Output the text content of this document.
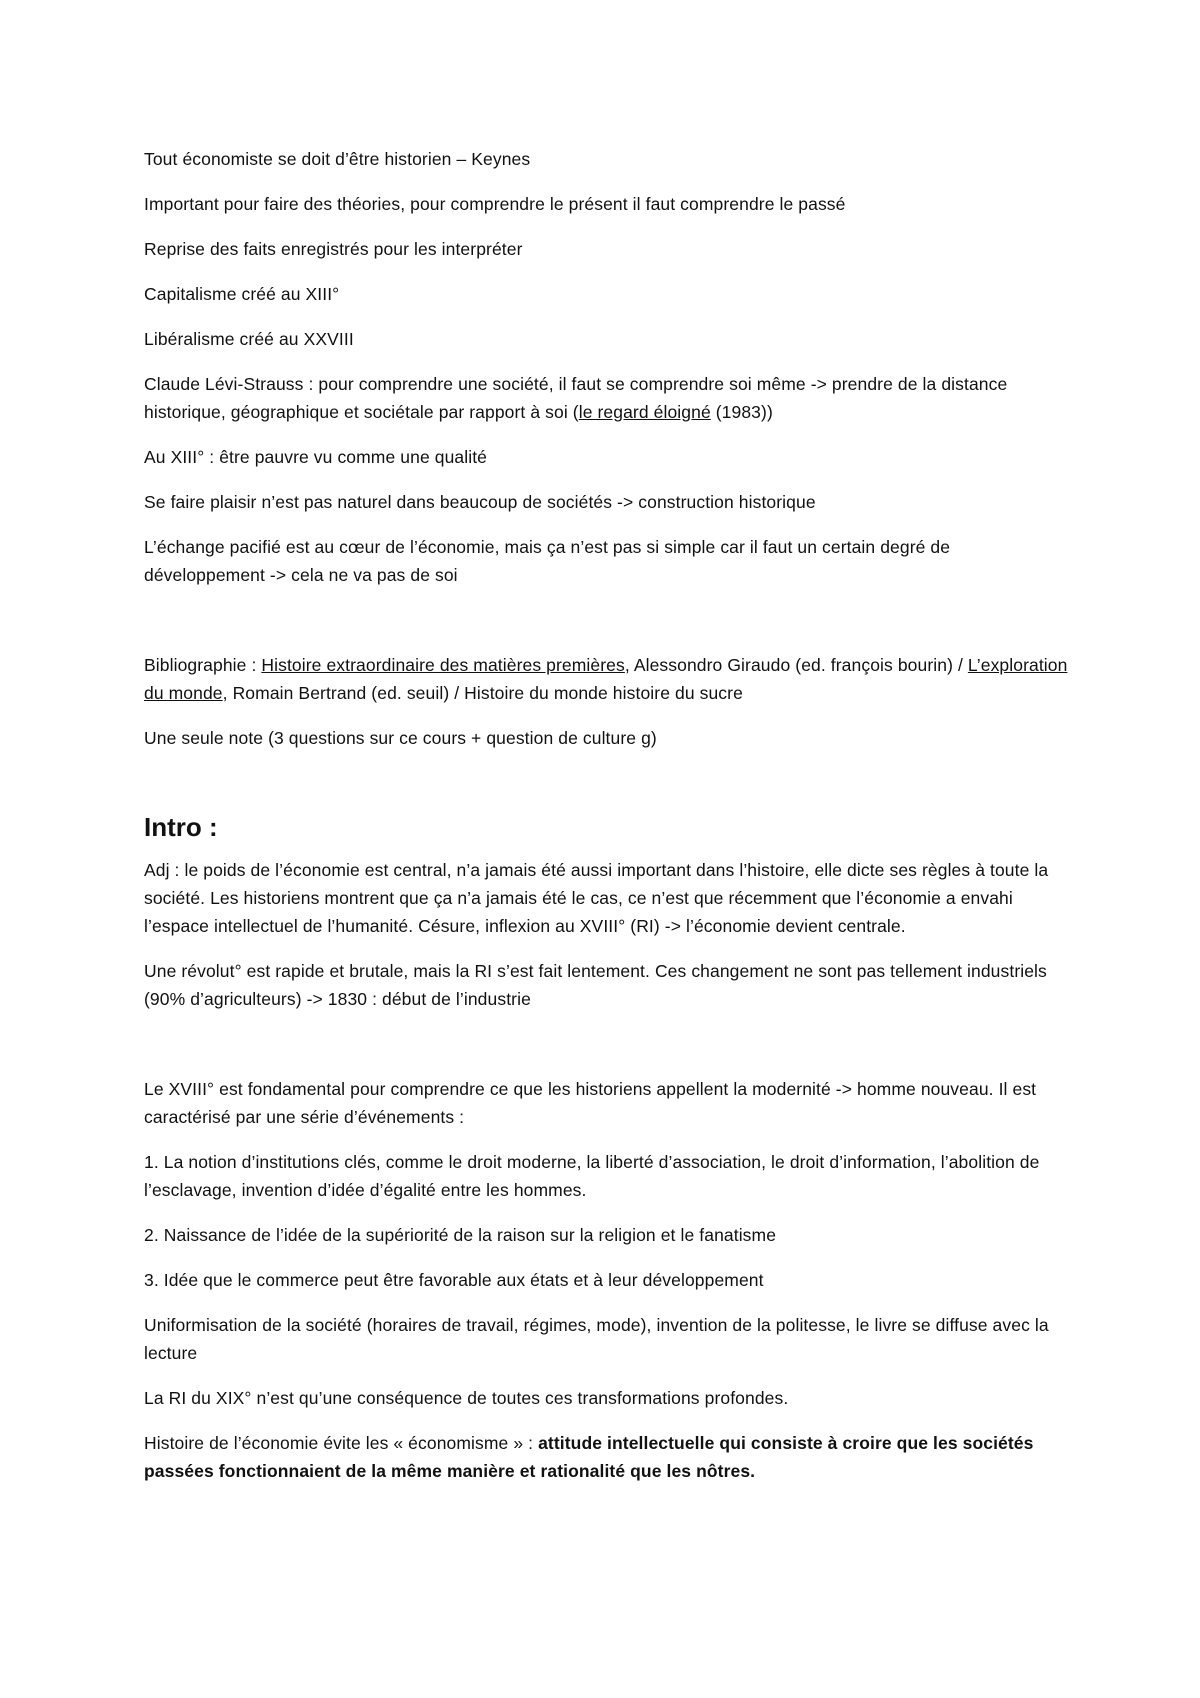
Tout économiste se doit d’être historien – Keynes

Important pour faire des théories, pour comprendre le présent il faut comprendre le passé

Reprise des faits enregistrés pour les interpréter

Capitalisme créé au XIII°

Libéralisme créé au XXVIII

Claude Lévi-Strauss : pour comprendre une société, il faut se comprendre soi même -> prendre de la distance historique, géographique et sociétale par rapport à soi (le regard éloigné (1983))

Au XIII° : être pauvre vu comme une qualité

Se faire plaisir n’est pas naturel dans beaucoup de sociétés -> construction historique

L’échange pacifié est au cœur de l’économie, mais ça n’est pas si simple car il faut un certain degré de développement -> cela ne va pas de soi

Bibliographie : Histoire extraordinaire des matières premières, Alessondro Giraudo (ed. françois bourin) / L’exploration du monde, Romain Bertrand (ed. seuil) / Histoire du monde histoire du sucre

Une seule note (3 questions sur ce cours + question de culture g)

Intro :

Adj : le poids de l’économie est central, n’a jamais été aussi important dans l’histoire, elle dicte ses règles à toute la société. Les historiens montrent que ça n’a jamais été le cas, ce n’est que récemment que l’économie a envahi l’espace intellectuel de l’humanité. Césure, inflexion au XVIII° (RI) -> l’économie devient centrale.

Une révolut° est rapide et brutale, mais la RI s’est fait lentement. Ces changement ne sont pas tellement industriels (90% d’agriculteurs) -> 1830 : début de l’industrie

Le XVIII° est fondamental pour comprendre ce que les historiens appellent la modernité -> homme nouveau. Il est caractérisé par une série d’événements :

1. La notion d’institutions clés, comme le droit moderne, la liberté d’association, le droit d’information, l’abolition de l’esclavage, invention d’idée d’égalité entre les hommes.

2. Naissance de l’idée de la supériorité de la raison sur la religion et le fanatisme

3. Idée que le commerce peut être favorable aux états et à leur développement

Uniformisation de la société (horaires de travail, régimes, mode), invention de la politesse, le livre se diffuse avec la lecture

La RI du XIX° n’est qu’une conséquence de toutes ces transformations profondes.

Histoire de l’économie évite les « économisme » : attitude intellectuelle qui consiste à croire que les sociétés passées fonctionnaient de la même manière et rationalité que les nôtres.
